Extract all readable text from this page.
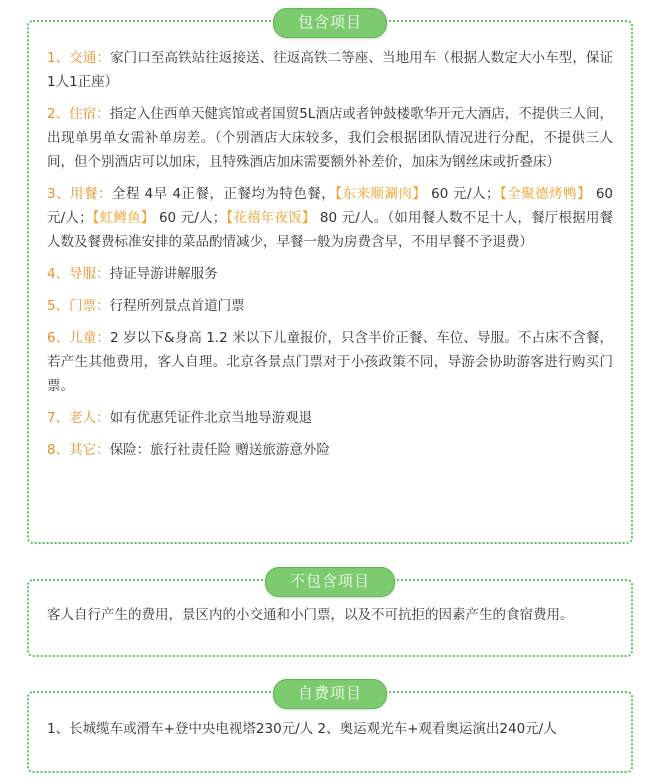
包含项目
1、交通：家门口至高铁站往返接送、往返高铁二等座、当地用车（根据人数定大小车型，保证1人1正座）
2、住宿：指定入住西单天健宾馆或者国贸5L酒店或者钟鼓楼歌华开元大酒店，不提供三人间，出现单男单女需补单房差。（个别酒店大床较多，我们会根据团队情况进行分配，不提供三人间，但个别酒店可以加床，且特殊酒店加床需要额外补差价，加床为钢丝床或折叠床）
3、用餐：全程 4早 4正餐，正餐均为特色餐，【东来顺涮肉】 60 元/人；【全聚德烤鸭】 60 元/人；【虹鳟鱼】 60 元/人；【花禧年夜饭】 80 元/人。（如用餐人数不足十人，餐厅根据用餐人数及餐费标准安排的菜品酌情减少，早餐一般为房费含早，不用早餐不予退费）
4、导服：持证导游讲解服务
5、门票：行程所列景点首道门票
6、儿童：2 岁以下&身高 1.2 米以下儿童报价，只含半价正餐、车位、导服。不占床不含餐，若产生其他费用，客人自理。北京各景点门票对于小孩政策不同，导游会协助游客进行购买门票。
7、老人：如有优惠凭证件北京当地导游观退
8、其它：保险：旅行社责任险 赠送旅游意外险
不包含项目
客人自行产生的费用，景区内的小交通和小门票，以及不可抗拒的因素产生的食宿费用。
自费项目
1、长城缆车或滑车+登中央电视塔230元/人 2、奥运观光车+观看奥运演出240元/人
